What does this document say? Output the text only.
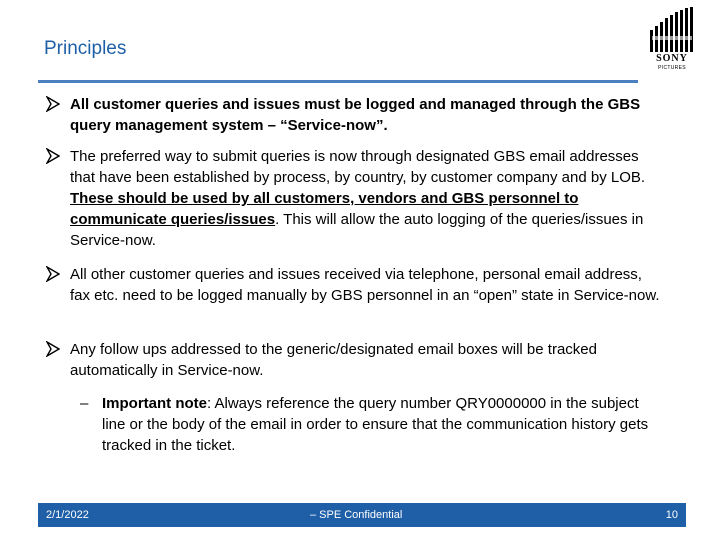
Principles	SONY
PICTURES
All customer queries and issues must be logged and managed through the GBS query management system – “Service-now”.
The preferred way to submit queries is now through designated GBS email addresses that have been established by process, by country, by customer company and by LOB. These should be used by all customers, vendors and GBS personnel to communicate queries/issues. This will allow the auto logging of the queries/issues in Service-now.
All other customer queries and issues received via telephone, personal email address, fax etc. need to be logged manually by GBS personnel in an “open” state in Service-now.
Any follow ups addressed to the generic/designated email boxes will be tracked automatically in Service-now.
– Important note: Always reference the query number QRY0000000 in the subject line or the body of the email in order to ensure that the communication history gets tracked in the ticket.
2/1/2022	– SPE Confidential	10
